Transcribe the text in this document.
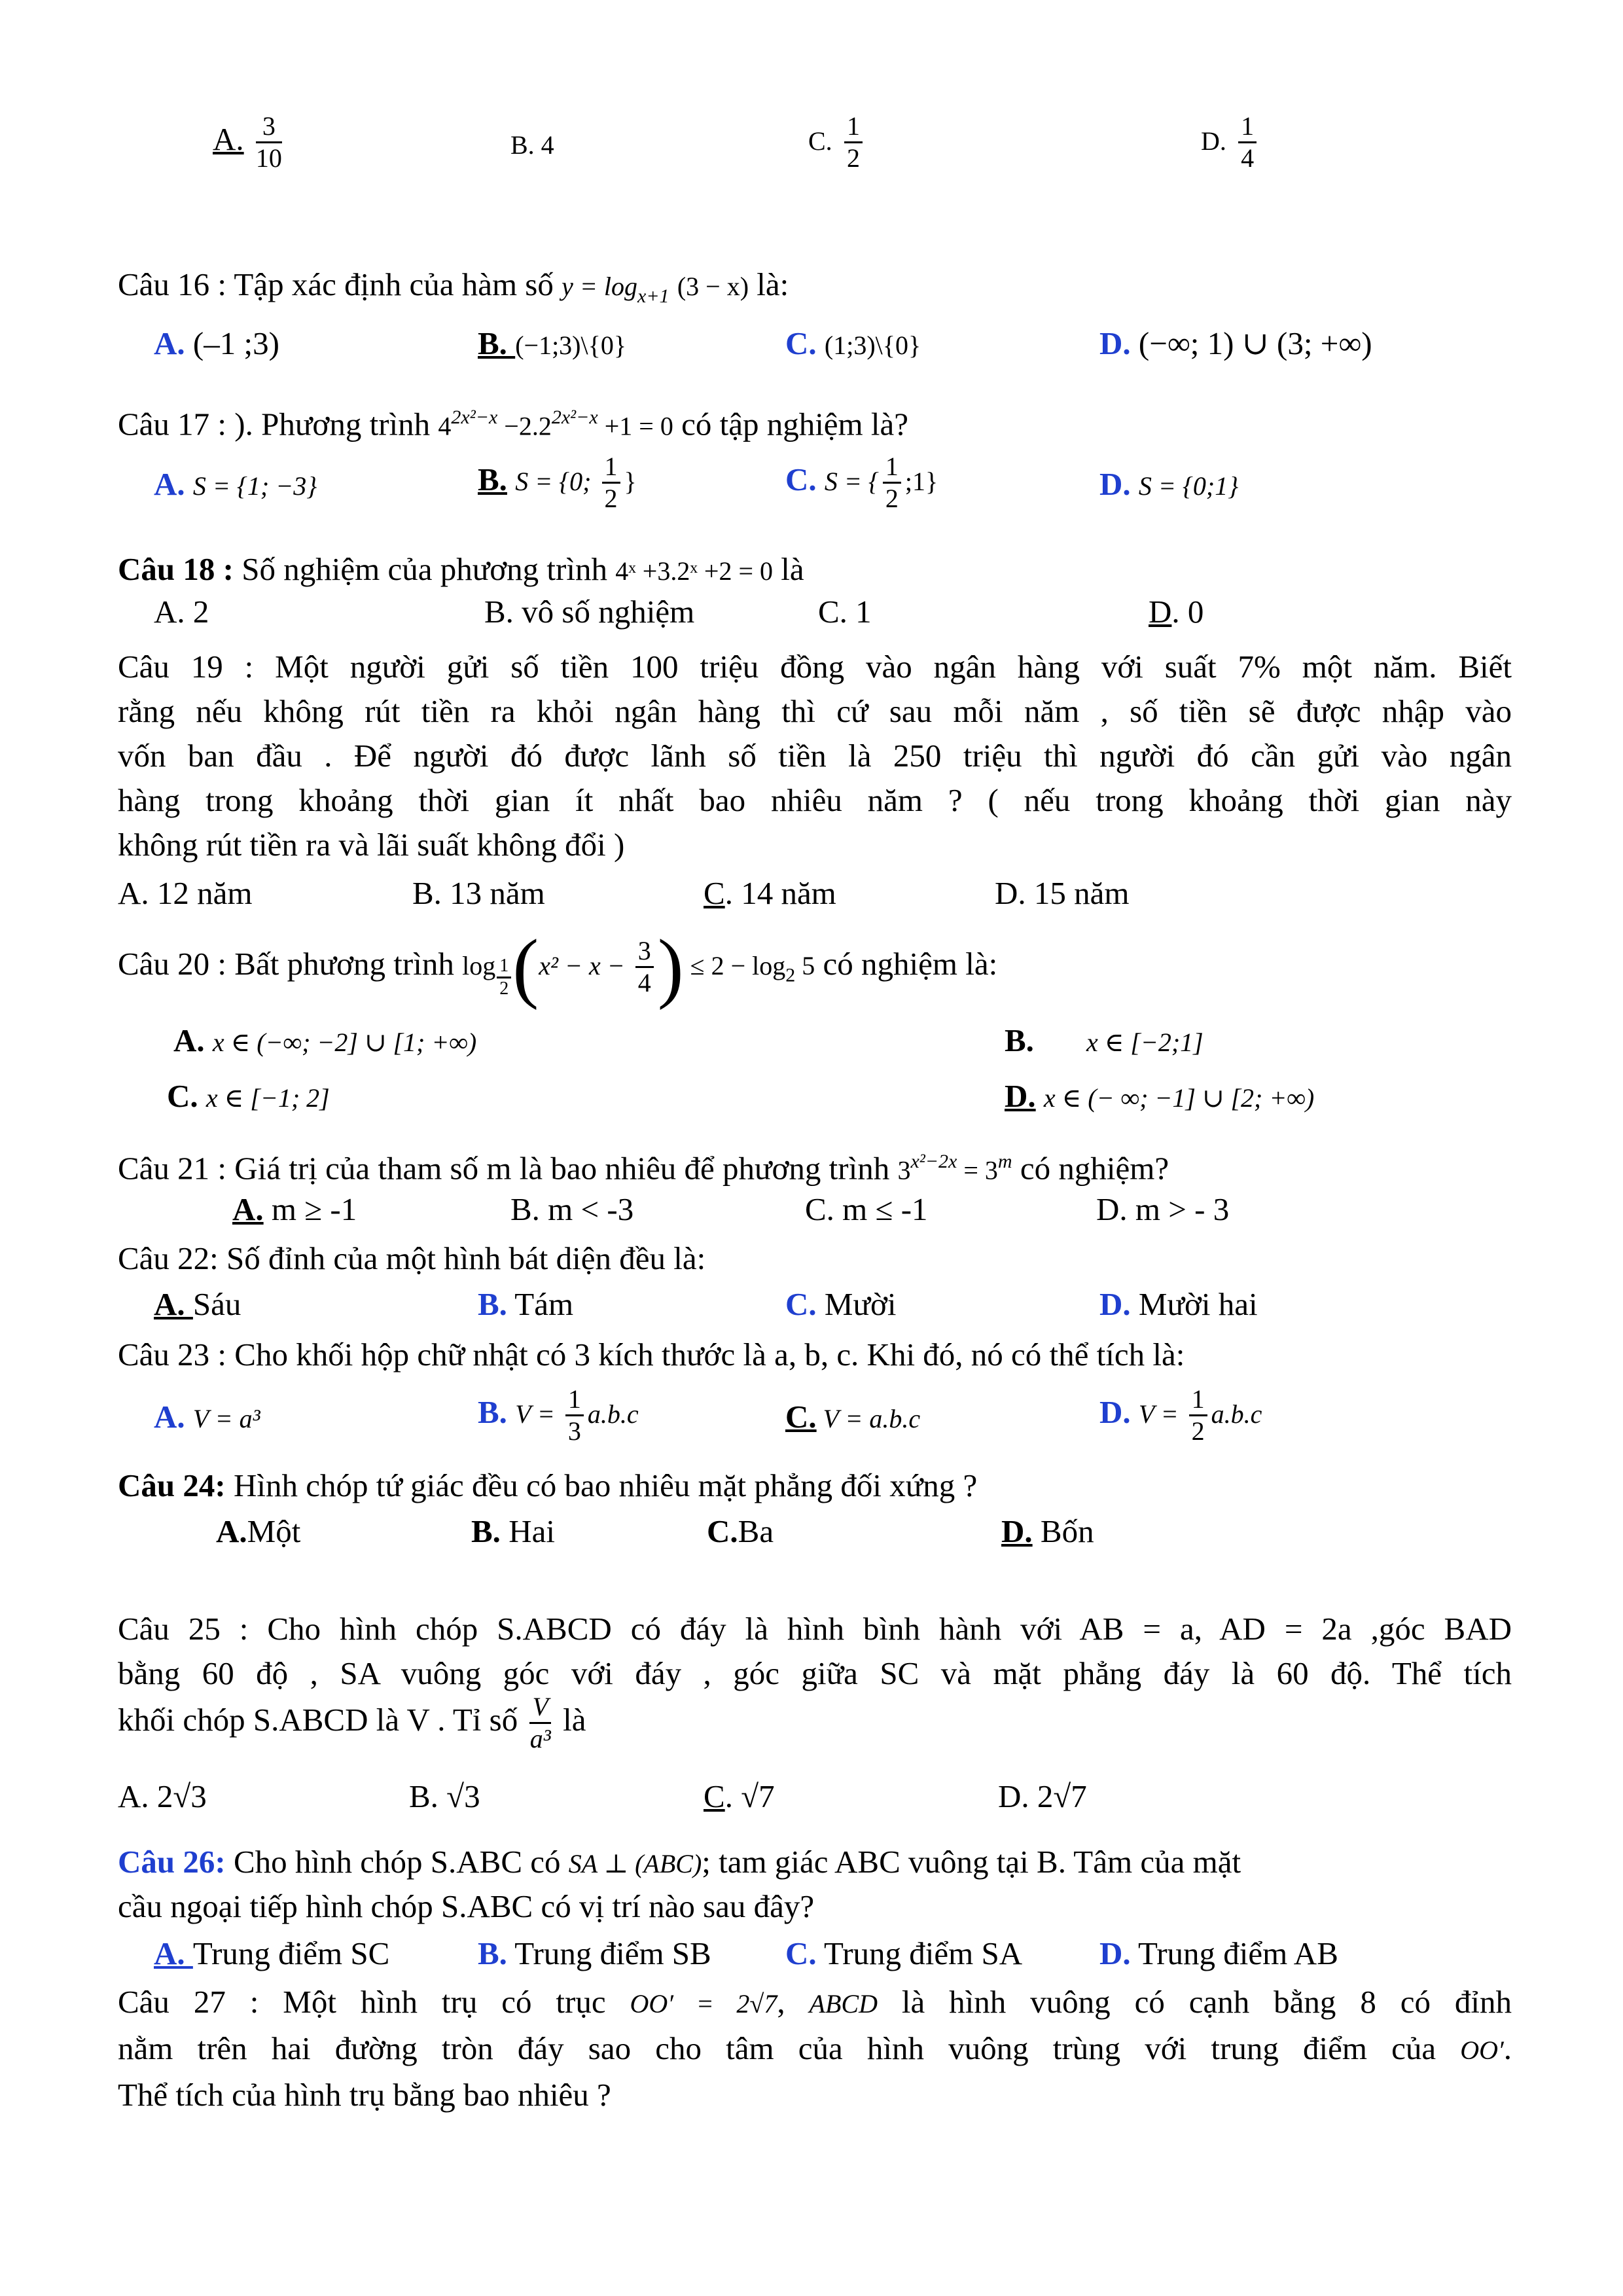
A. $\frac{3}{10}$	B. 4	C. $\frac{1}{2}$	D. $\frac{1}{4}$
Câu 16 : Tập xác định của hàm số $y = \log_{x+1} (3 - x)$ là:
A. (–1 ;3)	B. (−1;3)\{0}	C. (1;3)\{0}	D. (−∞; 1) ∪ (3; +∞)
Câu 17 : ). Phương trình $4^{2x^2-x} -2.2^{2x^2-x} +1 = 0$ có tập nghiệm là?
A. S = {1; −3}	B. S = {0; $\frac{1}{2}$ }	C. S = { $\frac{1}{2}$ ;1}	D. S = {0;1}
Câu 18 : Số nghiệm của phương trình 4ˣ +3.2ˣ +2 = 0 là
A. 2	B. vô số nghiệm	C. 1	D. 0
Câu 19 : Một người gửi số tiền 100 triệu đồng vào ngân hàng với suất 7% một năm. Biết
rằng nếu không rút tiền ra khỏi ngân hàng thì cứ sau mỗi năm , số tiền sẽ được nhập vào
vốn ban đầu . Để người đó được lãnh số tiền là 250 triệu thì người đó cần gửi vào ngân
hàng trong khoảng thời gian ít nhất bao nhiêu năm ? ( nếu trong khoảng thời gian này
không rút tiền ra và lãi suất không đổi )
A. 12 năm	B. 13 năm	C. 14 năm	D. 15 năm
Câu 20 : Bất phương trình $\log \frac{1}{2} (x^2 - x - \frac{3}{4}$ ) ≤ $2 - \log_2 5$ có nghiệm là:
A. x ∈ (−∞; −2] ∪ [1; +∞)	B. x ∈ [−2;1]
C. x ∈ [−1; 2]	D. x ∈ (− ∞; −1] ∪ [2; +∞)
Câu 21 : Giá trị của tham số m là bao nhiêu để phương trình $3^{x^2-2x} = 3^m$ có nghiệm?
A. m ≥ -1	B. m < -3	C. m ≤ -1	D. m > - 3
Câu 22: Số đỉnh của một hình bát diện đều là:
A. Sáu	B. Tám	C. Mười	D. Mười hai
Câu 23 : Cho khối hộp chữ nhật có 3 kích thước là a, b, c. Khi đó, nó có thể tích là:
A. V = a³	B. $V = \frac{1}{3} a.b.c$	C. V = a.b.c	D. $V = \frac{1}{2} a.b.c$
Câu 24: Hình chóp tứ giác đều có bao nhiêu mặt phẳng đối xứng ?
A.Một	B. Hai	C.Ba	D. Bốn
Câu 25 : Cho hình chóp S.ABCD có đáy là hình bình hành với AB = a, AD = 2a ,góc BAD
bằng 60 độ , SA vuông góc với đáy , góc giữa SC và mặt phẳng đáy là 60 độ. Thể tích
khối chóp S.ABCD là V . Tỉ số $\frac{V}{\text{a³}}$ là
A. 2√3	B. √3	C. √7	D. 2√7
Câu 26: Cho hình chóp S.ABC có SA ⊥ (ABC); tam giác ABC vuông tại B. Tâm của mặt
cầu ngoại tiếp hình chóp S.ABC có vị trí nào sau đây?
A. Trung điểm SC	B. Trung điểm SB C. Trung điểm SA D. Trung điểm AB
Câu 27 : Một hình trụ có trục OO′ = 2√7, ABCD là hình vuông có cạnh bằng 8 có đỉnh
nằm trên hai đường tròn đáy sao cho tâm của hình vuông trùng với trung điểm của OO′.
Thể tích của hình trụ bằng bao nhiêu ?
